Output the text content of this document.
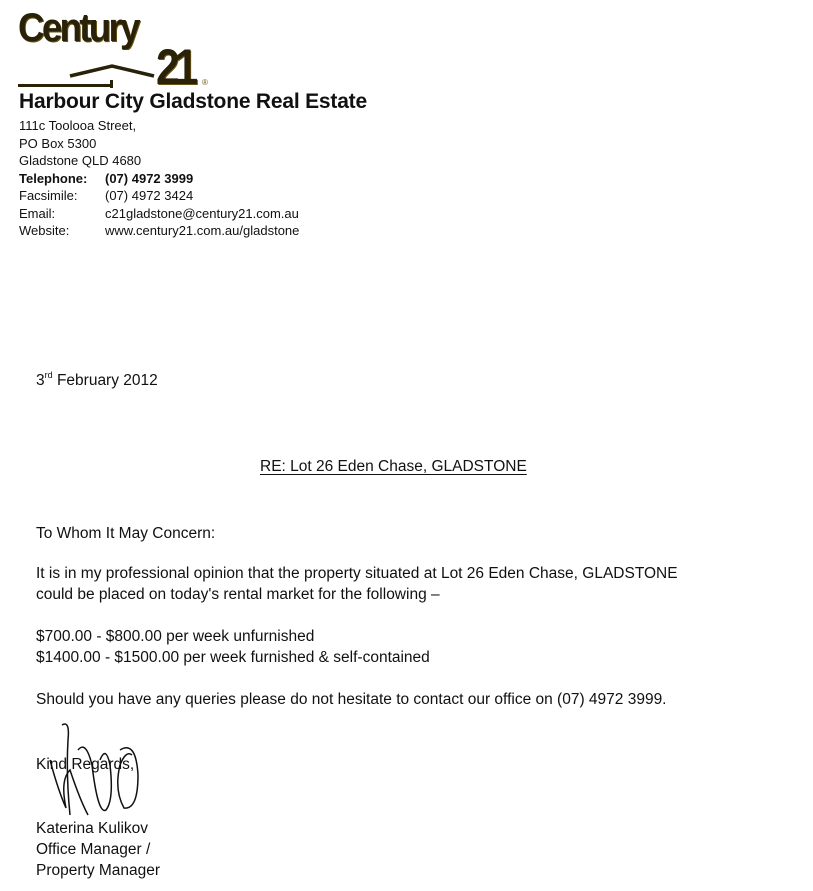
Century
21 ®
Harbour City Gladstone Real Estate
111c Toolooa Street,
PO Box 5300
Gladstone QLD 4680
Telephone:	(07) 4972 3999
Facsimile:	(07) 4972 3424
Email:	c21gladstone@century21.com.au
Website:	www.century21.com.au/gladstone
3rd February 2012
RE: Lot 26 Eden Chase, GLADSTONE
To Whom It May Concern:
It is in my professional opinion that the property situated at Lot 26 Eden Chase, GLADSTONE
could be placed on today's rental market for the following –
$700.00 - $800.00 per week unfurnished
$1400.00 - $1500.00 per week furnished & self-contained
Should you have any queries please do not hesitate to contact our office on (07) 4972 3999.
Kind Regards,
Katerina Kulikov
Office Manager /
Property Manager
